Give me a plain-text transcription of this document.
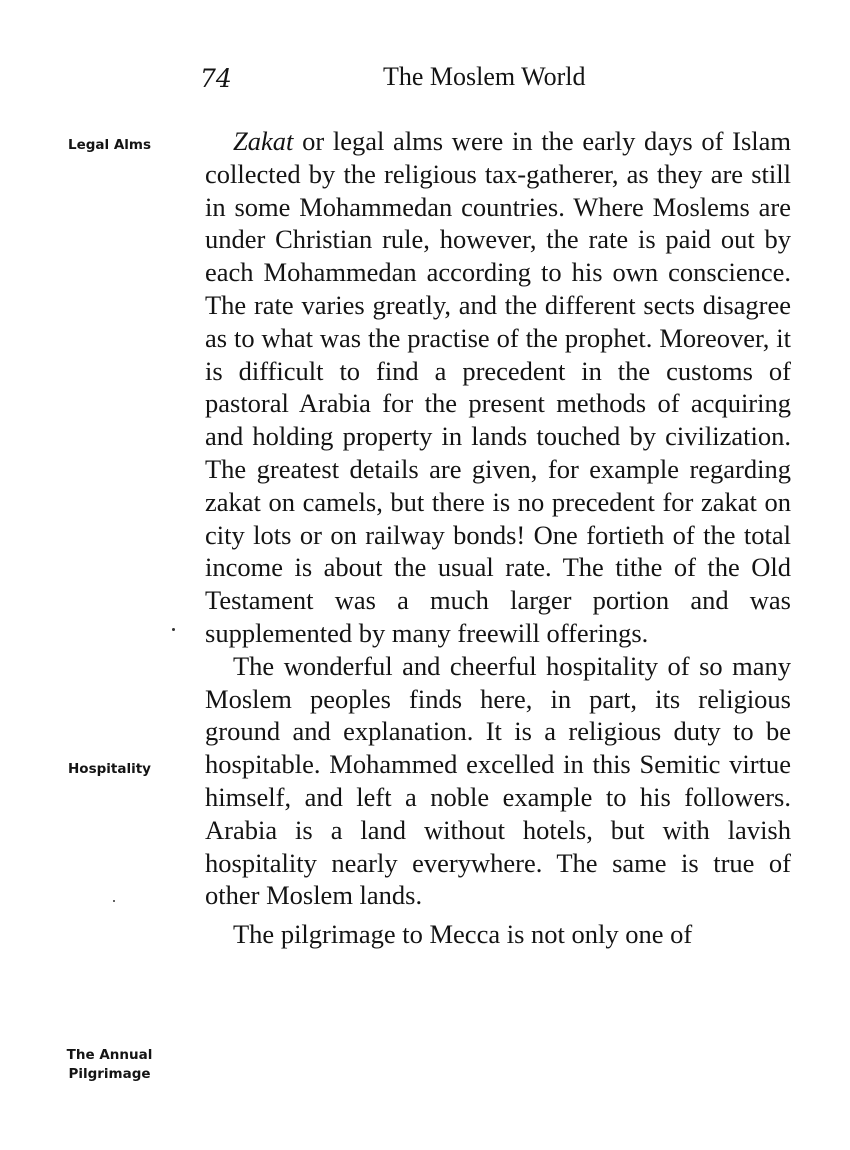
74	The Moslem World
Legal Alms
Hospitality
The Annual Pilgrimage

Zakat or legal alms were in the early days of Islam collected by the religious tax-gatherer, as they are still in some Mohammedan countries. Where Moslems are under Christian rule, however, the rate is paid out by each Mohammedan according to his own conscience. The rate varies greatly, and the different sects disagree as to what was the practise of the prophet. Moreover, it is difficult to find a precedent in the customs of pastoral Arabia for the present methods of acquiring and holding property in lands touched by civilization. The greatest details are given, for example regarding zakat on camels, but there is no precedent for zakat on city lots or on railway bonds! One fortieth of the total income is about the usual rate. The tithe of the Old Testament was a much larger portion and was supplemented by many freewill offerings.

The wonderful and cheerful hospitality of so many Moslem peoples finds here, in part, its religious ground and explanation. It is a religious duty to be hospitable. Mohammed excelled in this Semitic virtue himself, and left a noble example to his followers. Arabia is a land without hotels, but with lavish hospitality nearly everywhere. The same is true of other Moslem lands.

The pilgrimage to Mecca is not only one of
